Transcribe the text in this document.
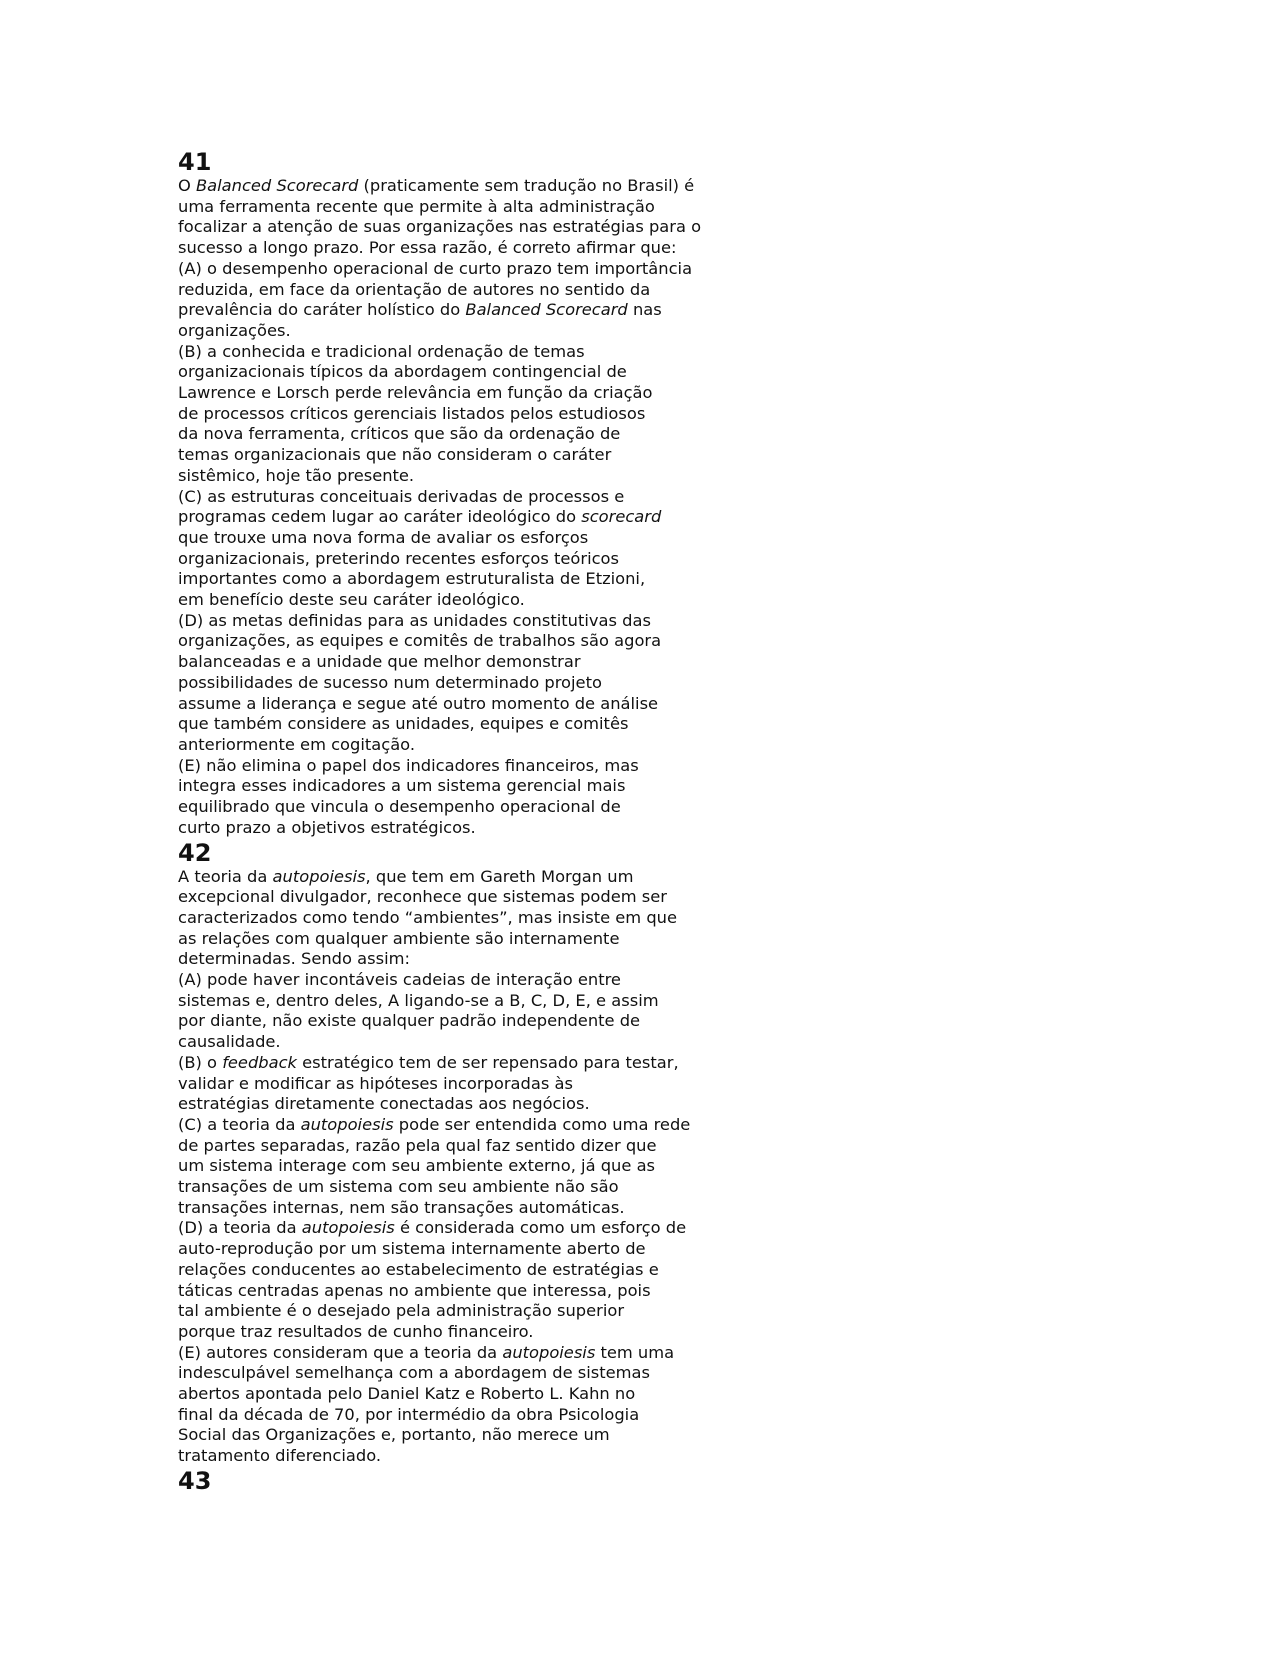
41
O Balanced Scorecard (praticamente sem tradução no Brasil) é
uma ferramenta recente que permite à alta administração
focalizar a atenção de suas organizações nas estratégias para o
sucesso a longo prazo. Por essa razão, é correto afirmar que:
(A) o desempenho operacional de curto prazo tem importância
reduzida, em face da orientação de autores no sentido da
prevalência do caráter holístico do Balanced Scorecard nas
organizações.
(B) a conhecida e tradicional ordenação de temas
organizacionais típicos da abordagem contingencial de
Lawrence e Lorsch perde relevância em função da criação
de processos críticos gerenciais listados pelos estudiosos
da nova ferramenta, críticos que são da ordenação de
temas organizacionais que não consideram o caráter
sistêmico, hoje tão presente.
(C) as estruturas conceituais derivadas de processos e
programas cedem lugar ao caráter ideológico do scorecard
que trouxe uma nova forma de avaliar os esforços
organizacionais, preterindo recentes esforços teóricos
importantes como a abordagem estruturalista de Etzioni,
em benefício deste seu caráter ideológico.
(D) as metas definidas para as unidades constitutivas das
organizações, as equipes e comitês de trabalhos são agora
balanceadas e a unidade que melhor demonstrar
possibilidades de sucesso num determinado projeto
assume a liderança e segue até outro momento de análise
que também considere as unidades, equipes e comitês
anteriormente em cogitação.
(E) não elimina o papel dos indicadores financeiros, mas
integra esses indicadores a um sistema gerencial mais
equilibrado que vincula o desempenho operacional de
curto prazo a objetivos estratégicos.
42
A teoria da autopoiesis, que tem em Gareth Morgan um
excepcional divulgador, reconhece que sistemas podem ser
caracterizados como tendo “ambientes”, mas insiste em que
as relações com qualquer ambiente são internamente
determinadas. Sendo assim:
(A) pode haver incontáveis cadeias de interação entre
sistemas e, dentro deles, A ligando-se a B, C, D, E, e assim
por diante, não existe qualquer padrão independente de
causalidade.
(B) o feedback estratégico tem de ser repensado para testar,
validar e modificar as hipóteses incorporadas às
estratégias diretamente conectadas aos negócios.
(C) a teoria da autopoiesis pode ser entendida como uma rede
de partes separadas, razão pela qual faz sentido dizer que
um sistema interage com seu ambiente externo, já que as
transações de um sistema com seu ambiente não são
transações internas, nem são transações automáticas.
(D) a teoria da autopoiesis é considerada como um esforço de
auto-reprodução por um sistema internamente aberto de
relações conducentes ao estabelecimento de estratégias e
táticas centradas apenas no ambiente que interessa, pois
tal ambiente é o desejado pela administração superior
porque traz resultados de cunho financeiro.
(E) autores consideram que a teoria da autopoiesis tem uma
indesculpável semelhança com a abordagem de sistemas
abertos apontada pelo Daniel Katz e Roberto L. Kahn no
final da década de 70, por intermédio da obra Psicologia
Social das Organizações e, portanto, não merece um
tratamento diferenciado.
43
